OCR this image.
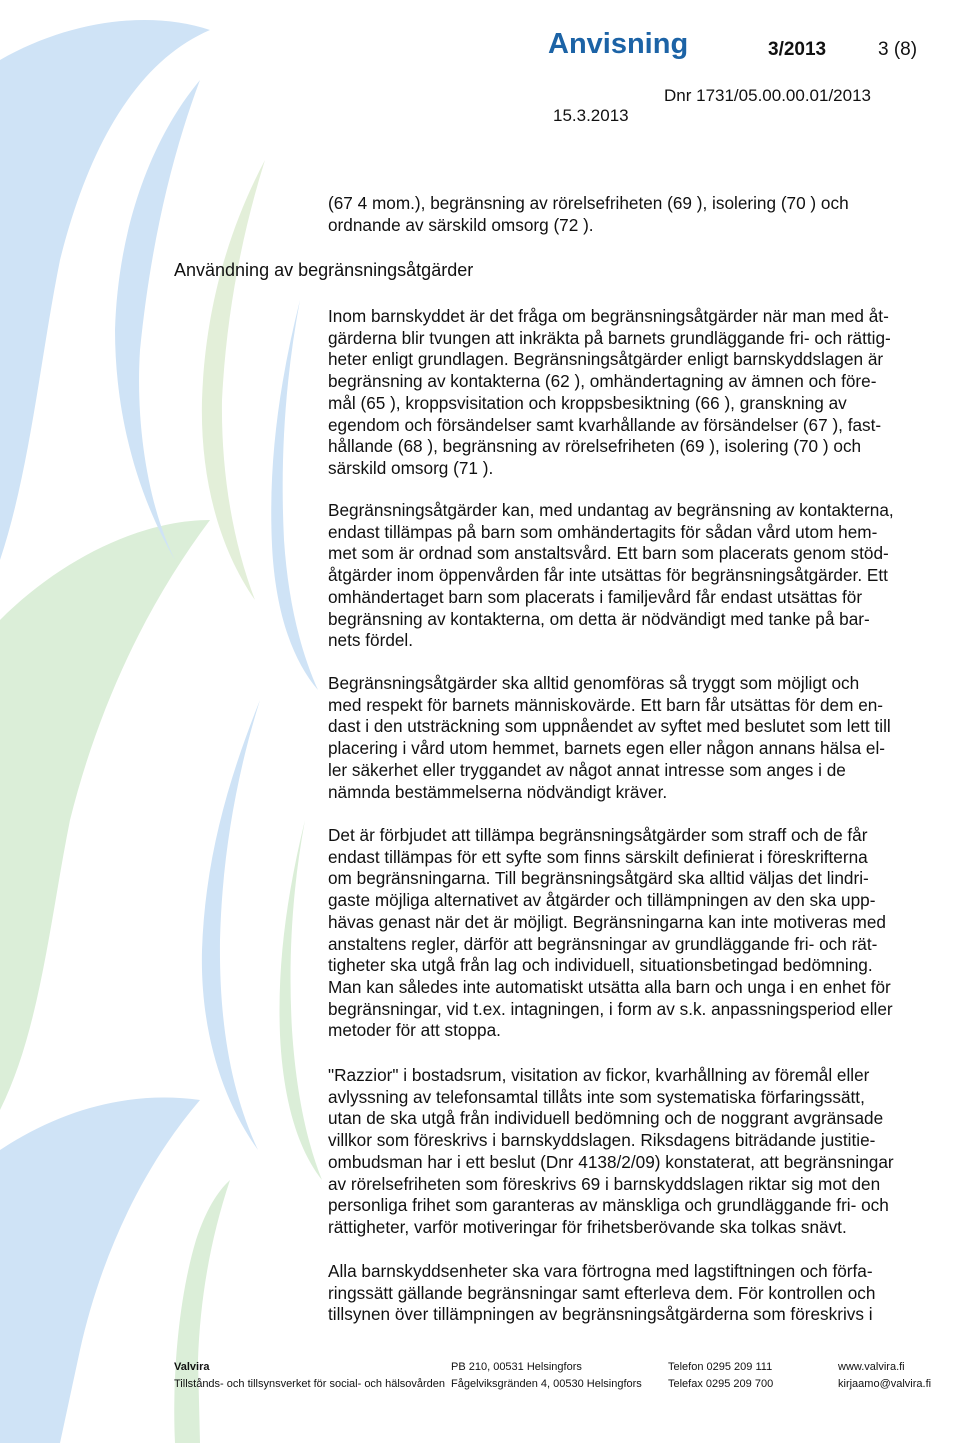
Anvisning	3/2013	3 (8)
Dnr 1731/05.00.00.01/2013
15.3.2013
(67 4 mom.), begränsning av rörelsefriheten (69 ), isolering (70 ) och
ordnande av särskild omsorg (72 ).
Användning av begränsningsåtgärder
Inom barnskyddet är det fråga om begränsningsåtgärder när man med åt-
gärderna blir tvungen att inkräkta på barnets grundläggande fri- och rättig-
heter enligt grundlagen. Begränsningsåtgärder enligt barnskyddslagen är
begränsning av kontakterna (62 ), omhändertagning av ämnen och före-
mål (65 ), kroppsvisitation och kroppsbesiktning (66 ), granskning av
egendom och försändelser samt kvarhållande av försändelser (67 ), fast-
hållande (68 ), begränsning av rörelsefriheten (69 ), isolering (70 ) och
särskild omsorg (71 ).
Begränsningsåtgärder kan, med undantag av begränsning av kontakterna,
endast tillämpas på barn som omhändertagits för sådan vård utom hem-
met som är ordnad som anstaltsvård. Ett barn som placerats genom stöd-
åtgärder inom öppenvården får inte utsättas för begränsningsåtgärder. Ett
omhändertaget barn som placerats i familjevård får endast utsättas för
begränsning av kontakterna, om detta är nödvändigt med tanke på bar-
nets fördel.
Begränsningsåtgärder ska alltid genomföras så tryggt som möjligt och
med respekt för barnets människovärde. Ett barn får utsättas för dem en-
dast i den utsträckning som uppnåendet av syftet med beslutet som lett till
placering i vård utom hemmet, barnets egen eller någon annans hälsa el-
ler säkerhet eller tryggandet av något annat intresse som anges i de
nämnda bestämmelserna nödvändigt kräver.
Det är förbjudet att tillämpa begränsningsåtgärder som straff och de får
endast tillämpas för ett syfte som finns särskilt definierat i föreskrifterna
om begränsningarna. Till begränsningsåtgärd ska alltid väljas det lindri-
gaste möjliga alternativet av åtgärder och tillämpningen av den ska upp-
hävas genast när det är möjligt. Begränsningarna kan inte motiveras med
anstaltens regler, därför att begränsningar av grundläggande fri- och rät-
tigheter ska utgå från lag och individuell, situationsbetingad bedömning.
Man kan således inte automatiskt utsätta alla barn och unga i en enhet för
begränsningar, vid t.ex. intagningen, i form av s.k. anpassningsperiod eller
metoder för att stoppa.
"Razzior" i bostadsrum, visitation av fickor, kvarhållning av föremål eller
avlyssning av telefonsamtal tillåts inte som systematiska förfaringssätt,
utan de ska utgå från individuell bedömning och de noggrant avgränsade
villkor som föreskrivs i barnskyddslagen. Riksdagens biträdande justitie-
ombudsman har i ett beslut (Dnr 4138/2/09) konstaterat, att begränsningar
av rörelsefriheten som föreskrivs 69 i barnskyddslagen riktar sig mot den
personliga frihet som garanteras av mänskliga och grundläggande fri- och
rättigheter, varför motiveringar för frihetsberövande ska tolkas snävt.
Alla barnskyddsenheter ska vara förtrogna med lagstiftningen och förfa-
ringssätt gällande begränsningar samt efterleva dem. För kontrollen och
tillsynen över tillämpningen av begränsningsåtgärderna som föreskrivs i
Valvira
Tillstånds- och tillsynsverket för social- och hälsovården
PB 210, 00531 Helsingfors
Fågelviksgränden 4, 00530 Helsingfors
Telefon 0295 209 111
Telefax 0295 209 700
www.valvira.fi
kirjaamo@valvira.fi
